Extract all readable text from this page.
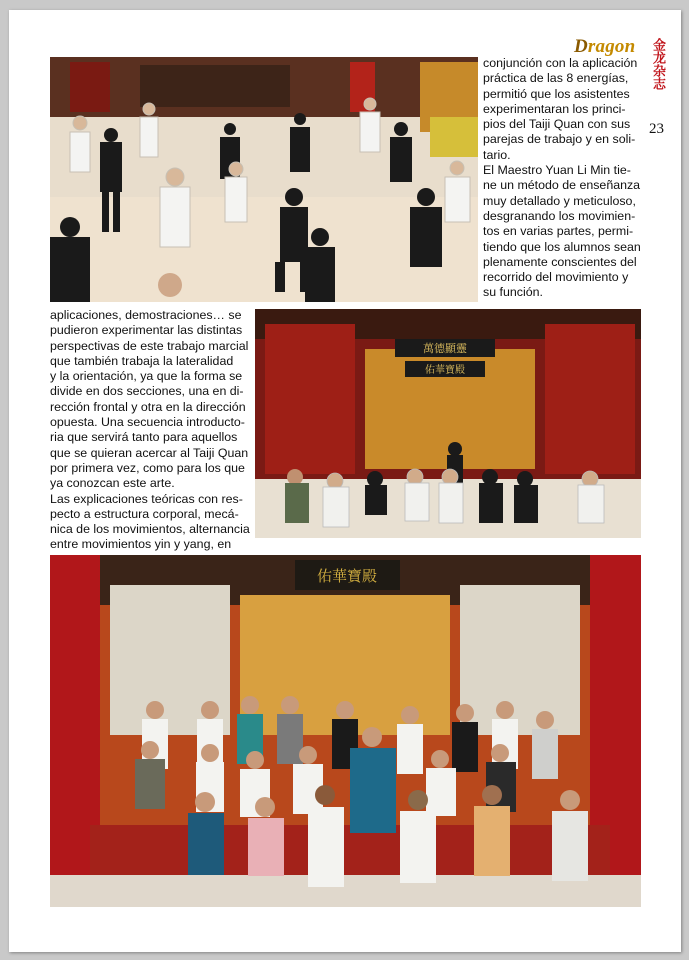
Dragon 金龙杂志
23
conjunción con la aplicación
práctica de las 8 energías,
permitió que los asistentes
experimentaran los princi-
pios del Taiji Quan con sus
parejas de trabajo y en soli-
tario.
El Maestro Yuan Li Min tie-
ne un método de enseñanza
muy detallado y meticuloso,
desgranando los movimien-
tos en varias partes, permi-
tiendo que los alumnos sean
plenamente conscientes del
recorrido del movimiento y
su función.
aplicaciones, demostraciones… se
pudieron experimentar las distintas
perspectivas de este trabajo marcial
que también trabaja la lateralidad
y la orientación, ya que la forma se
divide en dos secciones, una en di-
rección frontal y otra en la dirección
opuesta. Una secuencia introducto-
ria que servirá tanto para aquellos
que se quieran acercar al Taiji Quan
por primera vez, como para los que
ya conozcan este arte.
Las explicaciones teóricas con res-
pecto a estructura corporal, mecá-
nica de los movimientos, alternancia
entre movimientos yin y yang, en
萬德顯靈
佑華寶殿
佑華寶殿
